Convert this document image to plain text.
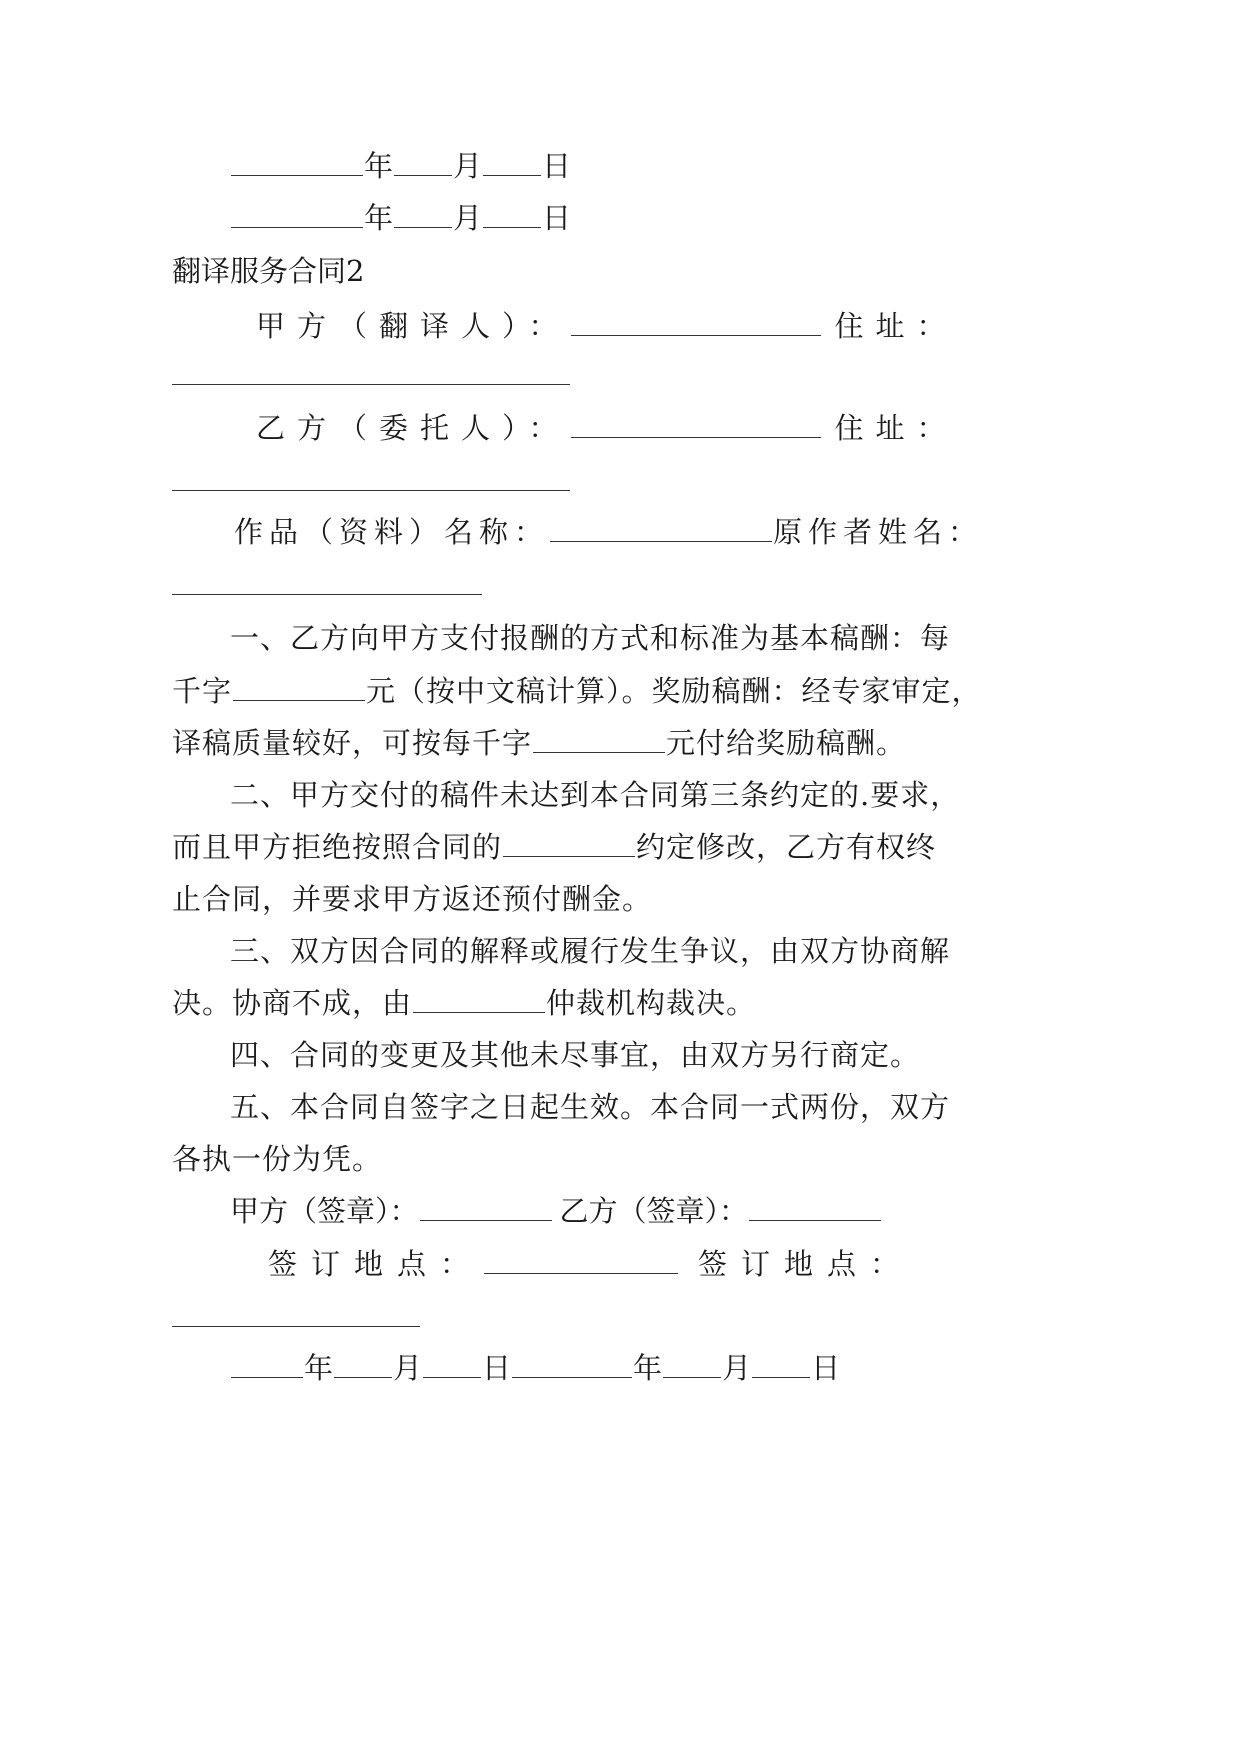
年 月 日
年 月 日
翻译服务合同2
甲方（翻译人）：	住址：
乙方（委托人）：	住址：
作品（资料）名称：	原作者姓名：
一、乙方向甲方支付报酬的方式和标准为基本稿酬：每
千字	元（按中文稿计算）。奖励稿酬：经专家审定，
译稿质量较好，可按每千字	元付给奖励稿酬。
二、甲方交付的稿件未达到本合同第三条约定的.要求，
而且甲方拒绝按照合同的	约定修改，乙方有权终
止合同，并要求甲方返还预付酬金。
三、双方因合同的解释或履行发生争议，由双方协商解
决。协商不成，由	仲裁机构裁决。
四、合同的变更及其他未尽事宜，由双方另行商定。
五、本合同自签字之日起生效。本合同一式两份，双方
各执一份为凭。
甲方（签章）：	乙方（签章）：
签订地点：	签订地点：
年 月 日	年 月 日
